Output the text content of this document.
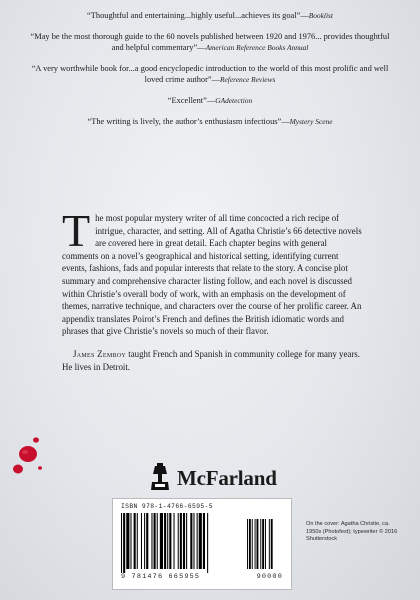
“Thoughtful and entertaining...highly useful...achieves its goal”—Booklist

“May be the most thorough guide to the 60 novels published between 1920 and 1976... provides thoughtful and helpful commentary”—American Reference Books Annual

“A very worthwhile book for...a good encyclopedic introduction to the world of this most prolific and well loved crime author”—Reference Reviews

“Excellent”—GAdetection

“The writing is lively, the author’s enthusiasm infectious”—Mystery Scene

The most popular mystery writer of all time concocted a rich recipe of intrigue, character, and setting. All of Agatha Christie’s 66 detective novels are covered here in great detail. Each chapter begins with general comments on a novel’s geographical and historical setting, identifying current events, fashions, fads and popular interests that relate to the story. A concise plot summary and comprehensive character listing follow, and each novel is discussed within Christie’s overall body of work, with an emphasis on the development of themes, narrative technique, and characters over the course of her prolific career. An appendix translates Poirot’s French and defines the British idiomatic words and phrases that give Christie’s novels so much of their flavor.
James Zemboy taught French and Spanish in community college for many years. He lives in Detroit.
McFarland
ISBN 978-1-4766-6595-5
9 781476 665955	90000
On the cover: Agatha Christie, ca. 1950s (Photofest); typewriter © 2016 Shutterstock
